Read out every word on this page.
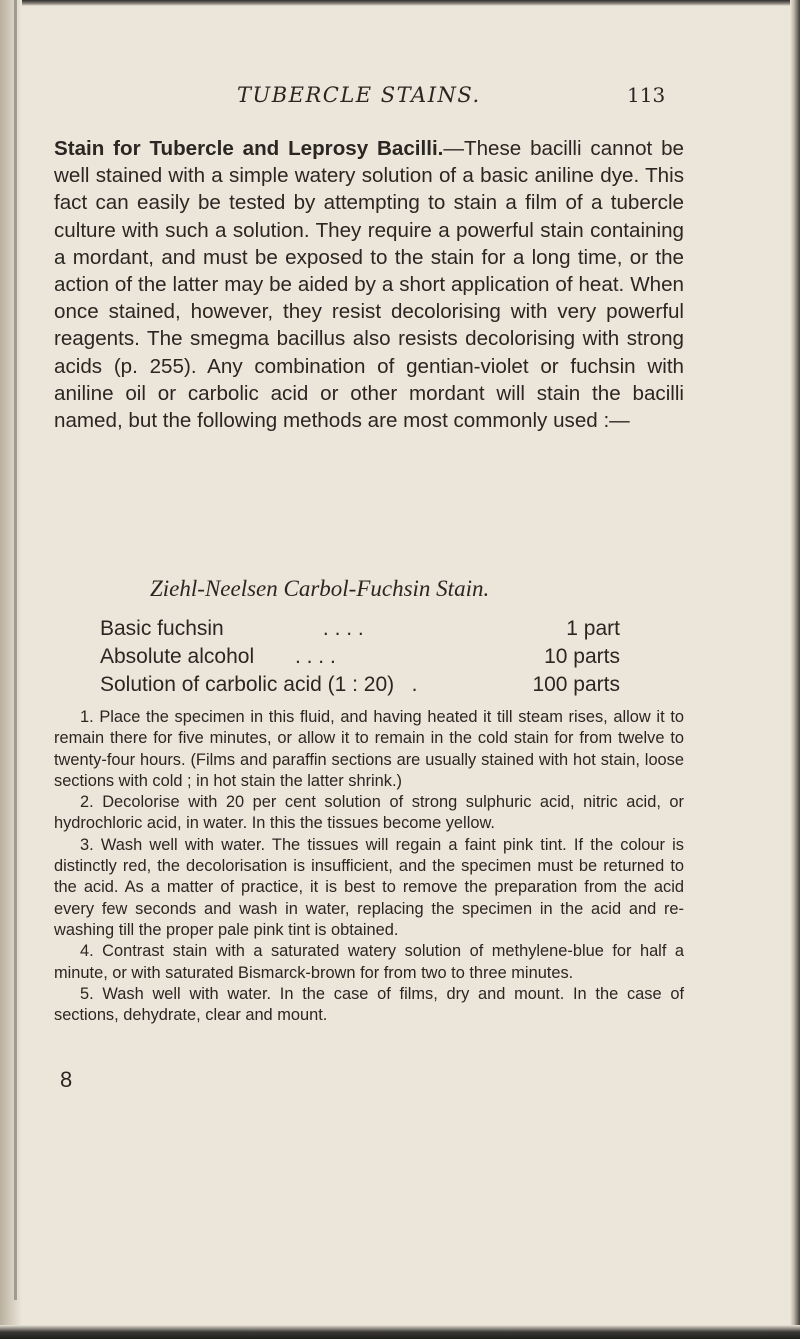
TUBERCLE STAINS.	113
Stain for Tubercle and Leprosy Bacilli.—These bacilli cannot be well stained with a simple watery solution of a basic aniline dye. This fact can easily be tested by attempting to stain a film of a tubercle culture with such a solution. They require a powerful stain containing a mordant, and must be exposed to the stain for a long time, or the action of the latter may be aided by a short application of heat. When once stained, however, they resist decolorising with very powerful reagents. The smegma bacillus also resists decolorising with strong acids (p. 255). Any combination of gentian-violet or fuchsin with aniline oil or carbolic acid or other mordant will stain the bacilli named, but the following methods are most commonly used :—
Ziehl-Neelsen Carbol-Fuchsin Stain.
Basic fuchsin	. . . .	1 part
Absolute alcohol . . . .	10 parts
Solution of carbolic acid (1 : 20) .	100 parts

1. Place the specimen in this fluid, and having heated it till steam rises, allow it to remain there for five minutes, or allow it to remain in the cold stain for from twelve to twenty-four hours. (Films and paraffin sections are usually stained with hot stain, loose sections with cold ; in hot stain the latter shrink.)

2. Decolorise with 20 per cent solution of strong sulphuric acid, nitric acid, or hydrochloric acid, in water. In this the tissues become yellow.

3. Wash well with water. The tissues will regain a faint pink tint. If the colour is distinctly red, the decolorisation is insufficient, and the specimen must be returned to the acid. As a matter of practice, it is best to remove the preparation from the acid every few seconds and wash in water, replacing the specimen in the acid and re-washing till the proper pale pink tint is obtained.

4. Contrast stain with a saturated watery solution of methylene-blue for half a minute, or with saturated Bismarck-brown for from two to three minutes.

5. Wash well with water. In the case of films, dry and mount. In the case of sections, dehydrate, clear and mount.

8
